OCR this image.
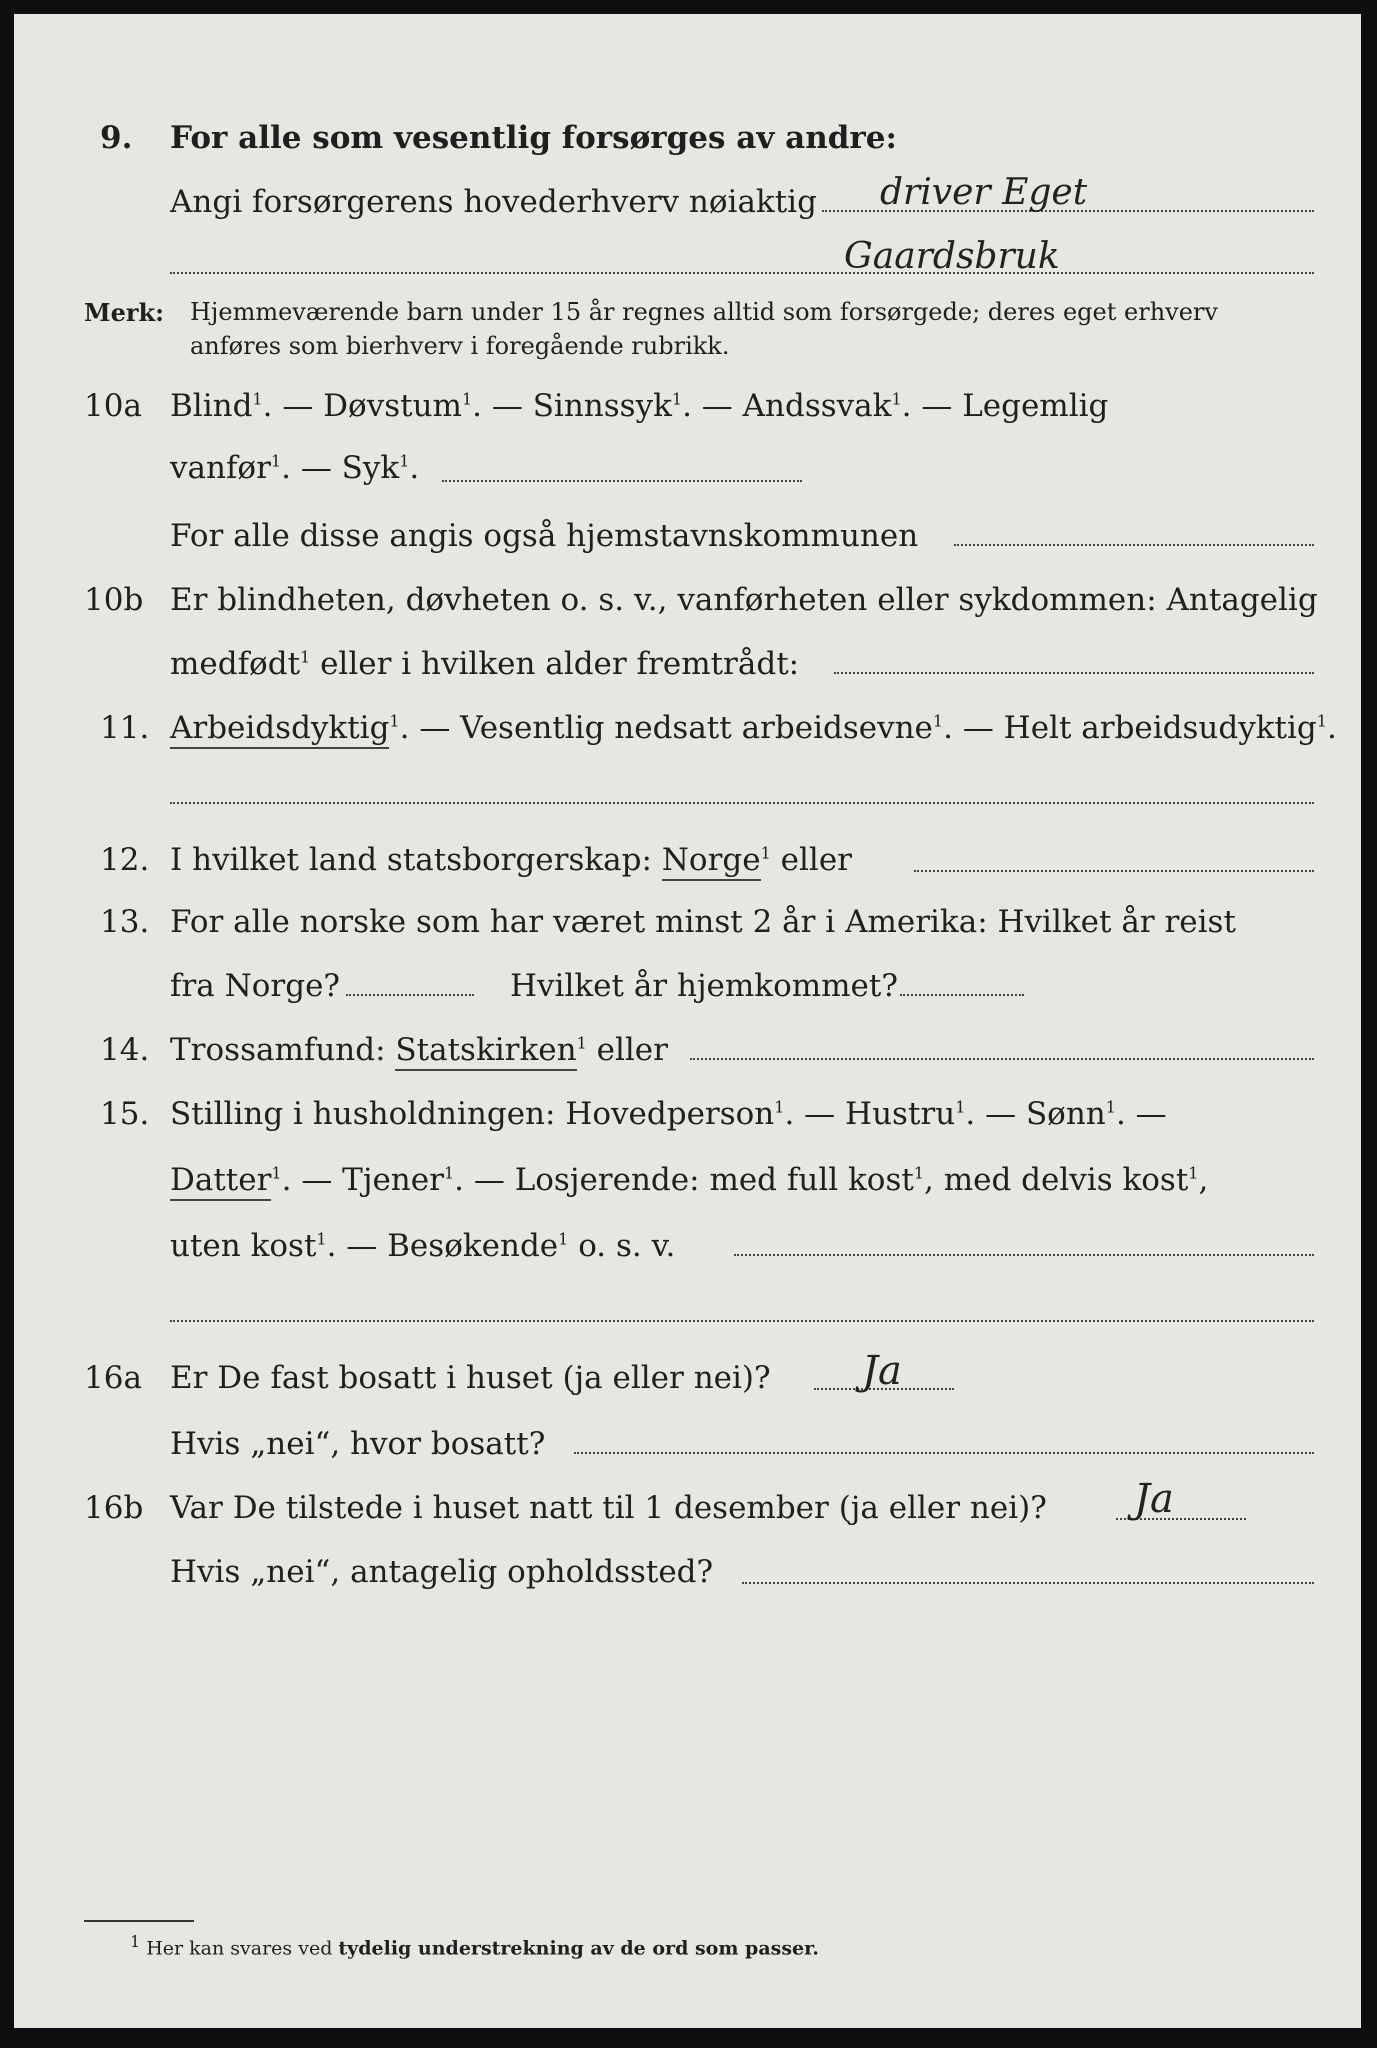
9. For alle som vesentlig forsørges av andre:
Angi forsørgerens hovederhverv nøiaktig driver Eget
Gaardsbruk
Merk: Hjemmeværende barn under 15 år regnes alltid som forsørgede; deres eget erhverv
anføres som bierhverv i foregående rubrikk.
10a Blind$^1$. — Døvstum$^1$. — Sinnssyk$^1$. — Andssvak$^1$. — Legemlig
vanfør$^1$. — Syk$^1$.
For alle disse angis også hjemstavnskommunen
10b Er blindheten, døvheten o. s. v., vanførheten eller sykdommen: Antagelig
medfødt$^1$ eller i hvilken alder fremtrådt:
11. Arbeidsdyktig$^1$. — Vesentlig nedsatt arbeidsevne$^1$. — Helt arbeidsudyktig$^1$.
12. I hvilket land statsborgerskap: Norge$^1$ eller
13. For alle norske som har været minst 2 år i Amerika: Hvilket år reist
fra Norge?	Hvilket år hjemkommet?
14. Trossamfund: Statskirken$^1$ eller
15. Stilling i husholdningen: Hovedperson$^1$. — Hustru$^1$. — Sønn$^1$. —
Datter$^1$. — Tjener$^1$. — Losjerende: med full kost$^1$, med delvis kost$^1$,
uten kost$^1$. — Besøkende$^1$ o. s. v.
16a Er De fast bosatt i huset (ja eller nei)? Ja
Hvis „nei“, hvor bosatt?
16b Var De tilstede i huset natt til 1 desember (ja eller nei)? Ja
Hvis „nei“, antagelig opholdssted?
$^1$ Her kan svares ved tydelig understrekning av de ord som passer.
